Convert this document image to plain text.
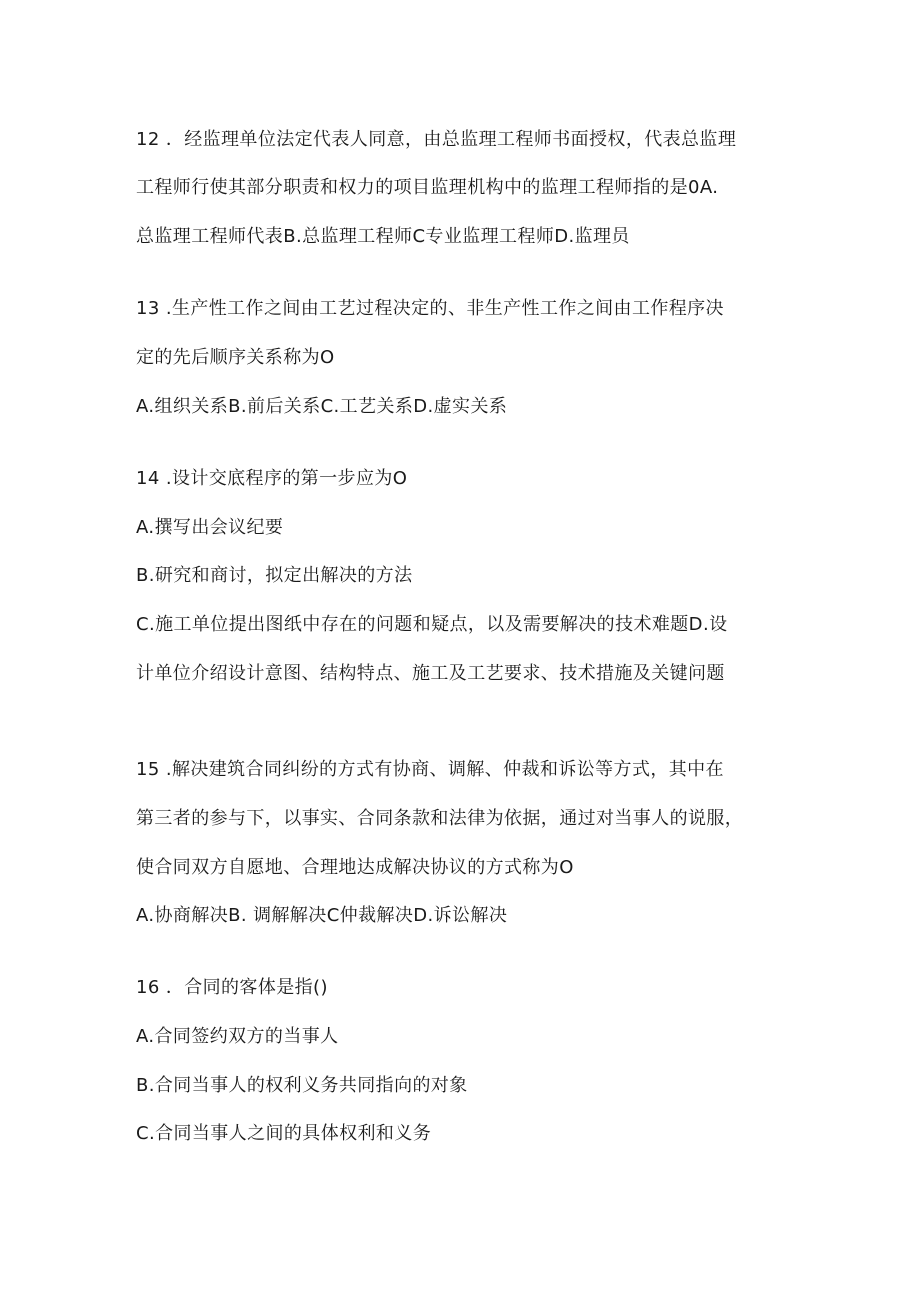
12 ．经监理单位法定代表人同意，由总监理工程师书面授权，代表总监理
工程师行使其部分职责和权力的项目监理机构中的监理工程师指的是0A.
总监理工程师代表B.总监理工程师C专业监理工程师D.监理员
13 .生产性工作之间由工艺过程决定的、非生产性工作之间由工作程序决
定的先后顺序关系称为O
A.组织关系B.前后关系C.工艺关系D.虚实关系
14 .设计交底程序的第一步应为O
A.撰写出会议纪要
B.研究和商讨，拟定出解决的方法
C.施工单位提出图纸中存在的问题和疑点，以及需要解决的技术难题D.设
计单位介绍设计意图、结构特点、施工及工艺要求、技术措施及关键问题
15 .解决建筑合同纠纷的方式有协商、调解、仲裁和诉讼等方式，其中在
第三者的参与下，以事实、合同条款和法律为依据，通过对当事人的说服，
使合同双方自愿地、合理地达成解决协议的方式称为O
A.协商解决B. 调解解决C仲裁解决D.诉讼解决
16 ．合同的客体是指()
A.合同签约双方的当事人
B.合同当事人的权利义务共同指向的对象
C.合同当事人之间的具体权利和义务
